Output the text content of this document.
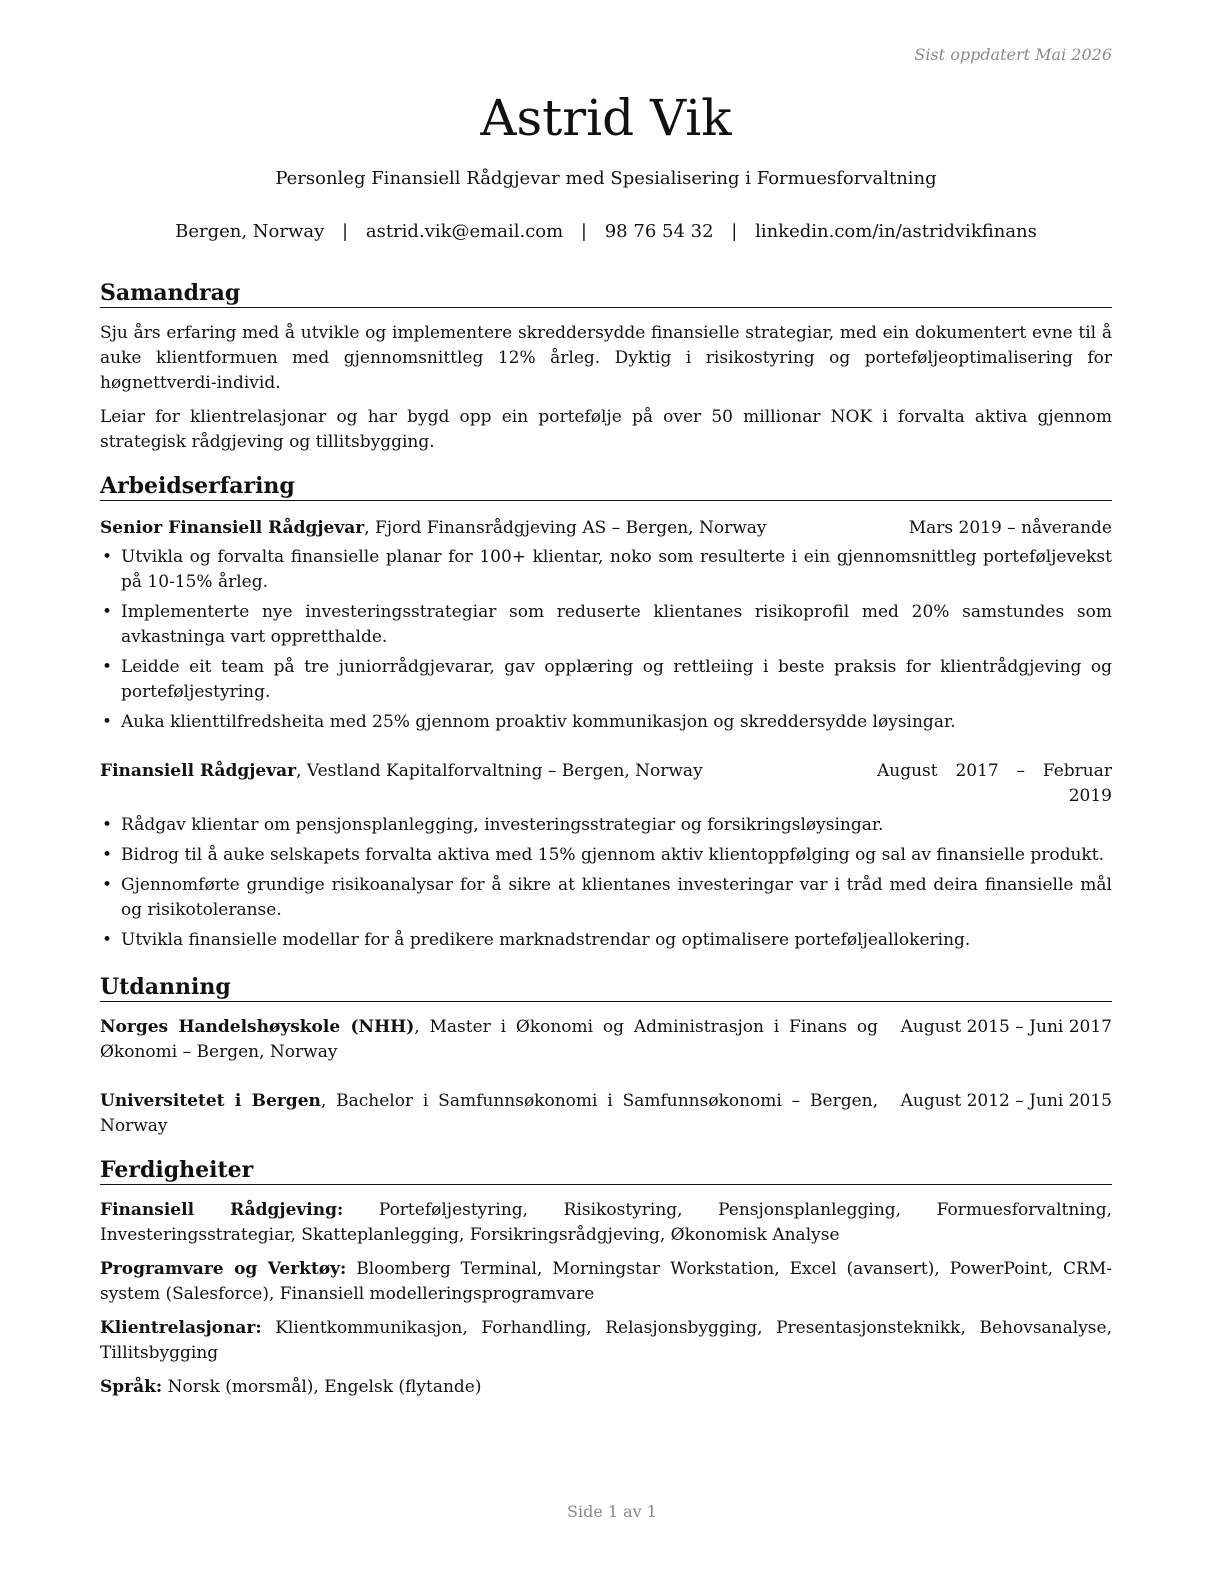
Sist oppdatert Mai 2026
Astrid Vik
Personleg Finansiell Rådgjevar med Spesialisering i Formuesforvaltning
Bergen, Norway | astrid.vik@email.com | 98 76 54 32 | linkedin.com/in/astridvikfinans
Samandrag

Sju års erfaring med å utvikle og implementere skreddersydde finansielle strategiar, med ein dokumentert evne til å auke klientformuen med gjennomsnittleg 12% årleg. Dyktig i risikostyring og porteføljeoptimalisering for høgnettverdi-individ.

Leiar for klientrelasjonar og har bygd opp ein portefølje på over 50 millionar NOK i forvalta aktiva gjennom strategisk rådgjeving og tillitsbygging.

Arbeidserfaring
Senior Finansiell Rådgjevar, Fjord Finansrådgjeving AS – Bergen, Norway	Mars 2019 – nåverande
• Utvikla og forvalta finansielle planar for 100+ klientar, noko som resulterte i ein gjennomsnittleg porteføljevekst på 10-15% årleg.
• Implementerte nye investeringsstrategiar som reduserte klientanes risikoprofil med 20% samstundes som avkastninga vart oppretthalde.
• Leidde eit team på tre juniorrådgjevarar, gav opplæring og rettleiing i beste praksis for klientrådgjeving og porteføljestyring.
• Auka klienttilfredsheita med 25% gjennom proaktiv kommunikasjon og skreddersydde løysingar.
Finansiell Rådgjevar, Vestland Kapitalforvaltning – Bergen, Norway	August 2017 – Februar 2019
• Rådgav klientar om pensjonsplanlegging, investeringsstrategiar og forsikringsløysingar.
• Bidrog til å auke selskapets forvalta aktiva med 15% gjennom aktiv klientoppfølging og sal av finansielle produkt.
• Gjennomførte grundige risikoanalysar for å sikre at klientanes investeringar var i tråd med deira finansielle mål og risikotoleranse.
• Utvikla finansielle modellar for å predikere marknadstrendar og optimalisere porteføljeallokering.
Utdanning
Norges Handelshøyskole (NHH), Master i Økonomi og Administrasjon i Finans og Økonomi – Bergen, Norway
August 2015 – Juni 2017
Universitetet i Bergen, Bachelor i Samfunnsøkonomi i Samfunnsøkonomi – Bergen, Norway
August 2012 – Juni 2015
Ferdigheiter

Finansiell Rådgjeving: Porteføljestyring, Risikostyring, Pensjonsplanlegging, Formuesforvaltning, Investeringsstrategiar, Skatteplanlegging, Forsikringsrådgjeving, Økonomisk Analyse

Programvare og Verktøy: Bloomberg Terminal, Morningstar Workstation, Excel (avansert), PowerPoint, CRM-system (Salesforce), Finansiell modelleringsprogramvare

Klientrelasjonar: Klientkommunikasjon, Forhandling, Relasjonsbygging, Presentasjonsteknikk, Behovsanalyse, Tillitsbygging

Språk: Norsk (morsmål), Engelsk (flytande)

Side 1 av 1
